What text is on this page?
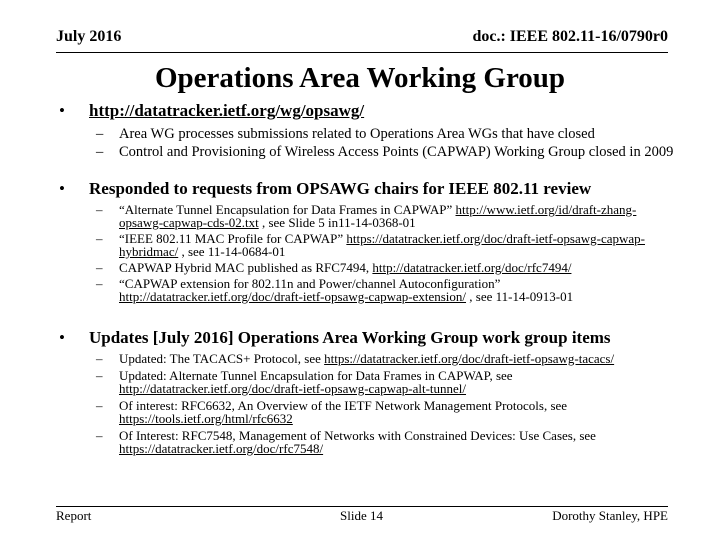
July 2016	doc.: IEEE 802.11-16/0790r0
Operations Area Working Group
• http://datatracker.ietf.org/wg/opsawg/
– Area WG processes submissions related to Operations Area WGs that have closed
– Control and Provisioning of Wireless Access Points (CAPWAP) Working Group closed in 2009
• Responded to requests from OPSAWG chairs for IEEE 802.11 review
– “Alternate Tunnel Encapsulation for Data Frames in CAPWAP” http://www.ietf.org/id/draft-zhang-opsawg-capwap-cds-02.txt , see Slide 5 in11-14-0368-01
– “IEEE 802.11 MAC Profile for CAPWAP” https://datatracker.ietf.org/doc/draft-ietf-opsawg-capwap-hybridmac/ , see 11-14-0684-01
– CAPWAP Hybrid MAC published as RFC7494, http://datatracker.ietf.org/doc/rfc7494/
– “CAPWAP extension for 802.11n and Power/channel Autoconfiguration” http://datatracker.ietf.org/doc/draft-ietf-opsawg-capwap-extension/ , see 11-14-0913-01
• Updates [July 2016] Operations Area Working Group work group items
– Updated: The TACACS+ Protocol, see https://datatracker.ietf.org/doc/draft-ietf-opsawg-tacacs/
– Updated: Alternate Tunnel Encapsulation for Data Frames in CAPWAP, see http://datatracker.ietf.org/doc/draft-ietf-opsawg-capwap-alt-tunnel/
– Of interest: RFC6632, An Overview of the IETF Network Management Protocols, see https://tools.ietf.org/html/rfc6632
– Of Interest: RFC7548, Management of Networks with Constrained Devices: Use Cases, see https://datatracker.ietf.org/doc/rfc7548/
Report	Slide 14	Dorothy Stanley, HPE
